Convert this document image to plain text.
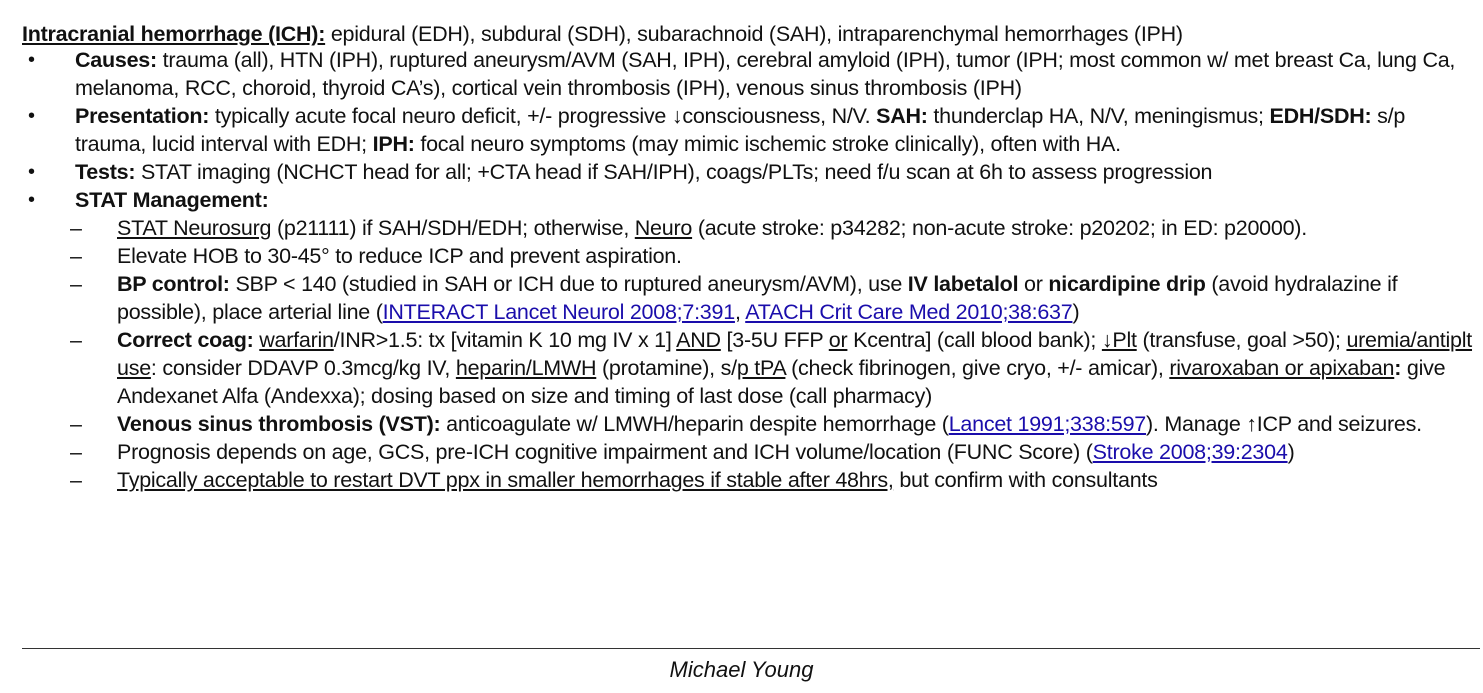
Intracranial hemorrhage (ICH): epidural (EDH), subdural (SDH), subarachnoid (SAH), intraparenchymal hemorrhages (IPH)
• Causes: trauma (all), HTN (IPH), ruptured aneurysm/AVM (SAH, IPH), cerebral amyloid (IPH), tumor (IPH; most common w/ met breast Ca, lung Ca, melanoma, RCC, choroid, thyroid CA’s), cortical vein thrombosis (IPH), venous sinus thrombosis (IPH)
• Presentation: typically acute focal neuro deficit, +/- progressive ↓consciousness, N/V. SAH: thunderclap HA, N/V, meningismus; EDH/SDH: s/p trauma, lucid interval with EDH; IPH: focal neuro symptoms (may mimic ischemic stroke clinically), often with HA.
• Tests: STAT imaging (NCHCT head for all; +CTA head if SAH/IPH), coags/PLTs; need f/u scan at 6h to assess progression
• STAT Management:
– STAT Neurosurg (p21111) if SAH/SDH/EDH; otherwise, Neuro (acute stroke: p34282; non-acute stroke: p20202; in ED: p20000).
– Elevate HOB to 30-45° to reduce ICP and prevent aspiration.
– BP control: SBP < 140 (studied in SAH or ICH due to ruptured aneurysm/AVM), use IV labetalol or nicardipine drip (avoid hydralazine if possible), place arterial line (INTERACT Lancet Neurol 2008;7:391, ATACH Crit Care Med 2010;38:637)
– Correct coag: warfarin/INR>1.5: tx [vitamin K 10 mg IV x 1] AND [3-5U FFP or Kcentra] (call blood bank); ↓Plt (transfuse, goal >50); uremia/antiplt use: consider DDAVP 0.3mcg/kg IV, heparin/LMWH (protamine), s/p tPA (check fibrinogen, give cryo, +/- amicar), rivaroxaban or apixaban: give Andexanet Alfa (Andexxa); dosing based on size and timing of last dose (call pharmacy)
– Venous sinus thrombosis (VST): anticoagulate w/ LMWH/heparin despite hemorrhage (Lancet 1991;338:597). Manage ↑ICP and seizures.
– Prognosis depends on age, GCS, pre-ICH cognitive impairment and ICH volume/location (FUNC Score) (Stroke 2008;39:2304)
– Typically acceptable to restart DVT ppx in smaller hemorrhages if stable after 48hrs, but confirm with consultants
Michael Young
